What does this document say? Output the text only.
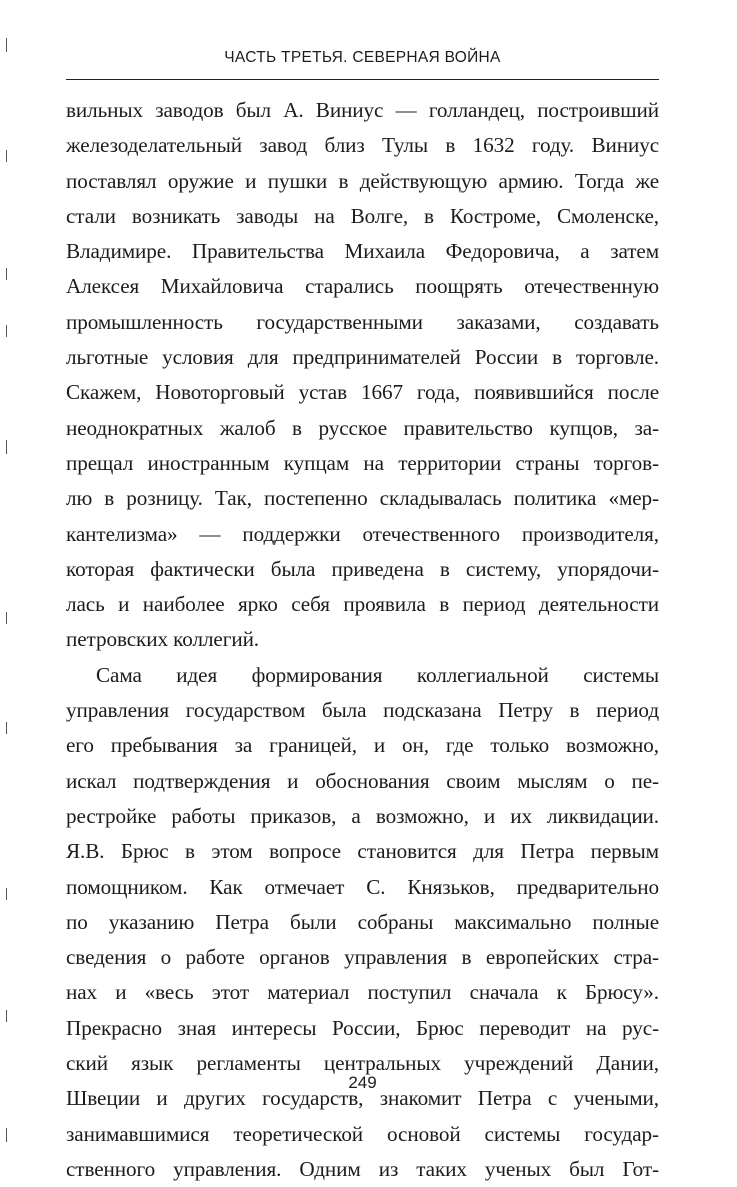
ЧАСТЬ ТРЕТЬЯ. СЕВЕРНАЯ ВОЙНА
вильных заводов был А. Виниус — голландец, построивший
железоделательный завод близ Тулы в 1632 году. Виниус
поставлял оружие и пушки в действующую армию. Тогда же
стали возникать заводы на Волге, в Костроме, Смоленске,
Владимире. Правительства Михаила Федоровича, а затем
Алексея Михайловича старались поощрять отечественную
промышленность государственными заказами, создавать
льготные условия для предпринимателей России в торговле.
Скажем, Новоторговый устав 1667 года, появившийся после
неоднократных жалоб в русское правительство купцов, за-
прещал иностранным купцам на территории страны торгов-
лю в розницу. Так, постепенно складывалась политика «мер-
кантелизма» — поддержки отечественного производителя,
которая фактически была приведена в систему, упорядочи-
лась и наиболее ярко себя проявила в период деятельности
петровских коллегий.
Сама идея формирования коллегиальной системы
управления государством была подсказана Петру в период
его пребывания за границей, и он, где только возможно,
искал подтверждения и обоснования своим мыслям о пе-
рестройке работы приказов, а возможно, и их ликвидации.
Я.В. Брюс в этом вопросе становится для Петра первым
помощником. Как отмечает С. Князьков, предварительно
по указанию Петра были собраны максимально полные
сведения о работе органов управления в европейских стра-
нах и «весь этот материал поступил сначала к Брюсу».
Прекрасно зная интересы России, Брюс переводит на рус-
ский язык регламенты центральных учреждений Дании,
Швеции и других государств, знакомит Петра с учеными,
занимавшимися теоретической основой системы государ-
ственного управления. Одним из таких ученых был Гот-
249
